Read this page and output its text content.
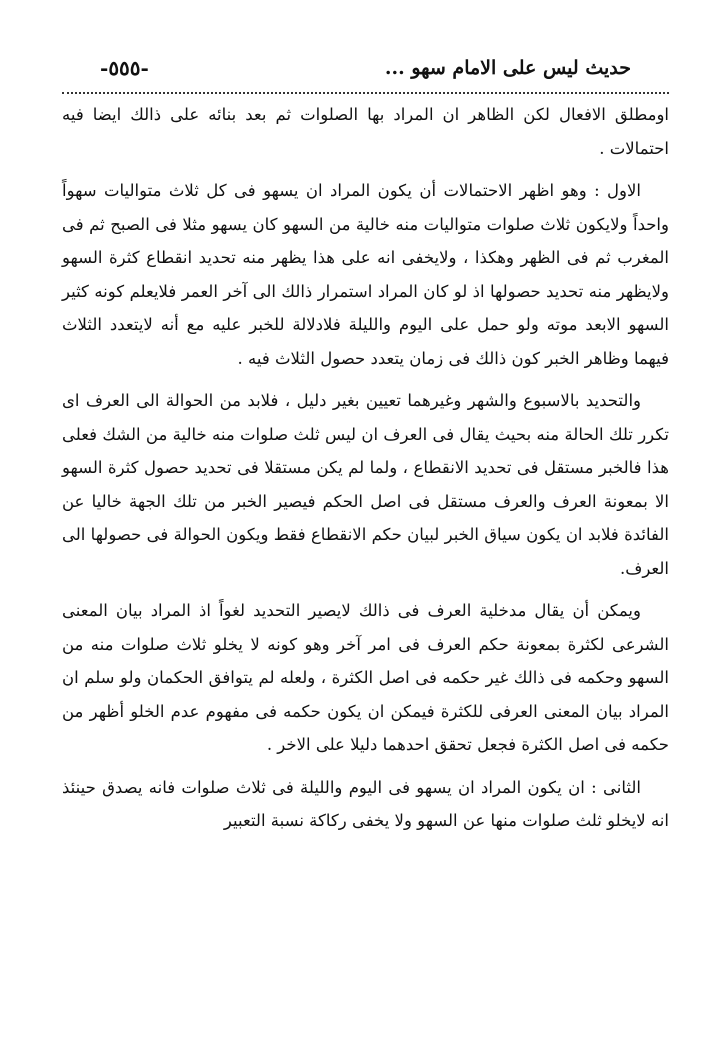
حديث ليس على الامام سهو ...
-٥٥٥-

اومطلق الافعال لكن الظاهر ان المراد بها الصلوات ثم بعد بنائه على ذالك ايضا فيه احتمالات .

الاول : وهو اظهر الاحتمالات أن يكون المراد ان يسهو فى كل ثلاث متواليات سهواً واحداً ولايكون ثلاث صلوات متواليات منه خالية من السهو كان يسهو مثلا فى الصبح ثم فى المغرب ثم فى الظهر وهكذا ، ولايخفى انه على هذا يظهر منه تحديد انقطاع كثرة السهو ولايظهر منه تحديد حصولها اذ لو كان المراد استمرار ذالك الى آخر العمر فلايعلم كونه كثير السهو الابعد موته ولو حمل على اليوم والليلة فلادلالة للخبر عليه مع أنه لايتعدد الثلاث فيهما وظاهر الخبر كون ذالك فى زمان يتعدد حصول الثلاث فيه .

والتحديد بالاسبوع والشهر وغيرهما تعيين بغير دليل ، فلابد من الحوالة الى العرف اى تكرر تلك الحالة منه بحيث يقال فى العرف ان ليس ثلث صلوات منه خالية من الشك فعلى هذا فالخبر مستقل فى تحديد الانقطاع ، ولما لم يكن مستقلا فى تحديد حصول كثرة السهو الا بمعونة العرف والعرف مستقل فى اصل الحكم فيصير الخبر من تلك الجهة خاليا عن الفائدة فلابد ان يكون سياق الخبر لبيان حكم الانقطاع فقط ويكون الحوالة فى حصولها الى العرف.

ويمكن أن يقال مدخلية العرف فى ذالك لايصير التحديد لغواً اذ المراد بيان المعنى الشرعى لكثرة بمعونة حكم العرف فى امر آخر وهو كونه لا يخلو ثلاث صلوات منه من السهو وحكمه فى ذالك غير حكمه فى اصل الكثرة ، ولعله لم يتوافق الحكمان ولو سلم ان المراد بيان المعنى العرفى للكثرة فيمكن ان يكون حكمه فى مفهوم عدم الخلو أظهر من حكمه فى اصل الكثرة فجعل تحقق احدهما دليلا على الاخر .

الثانى : ان يكون المراد ان يسهو فى اليوم والليلة فى ثلاث صلوات فانه يصدق حينئذ انه لايخلو ثلث صلوات منها عن السهو ولا يخفى ركاكة نسبة التعبير
